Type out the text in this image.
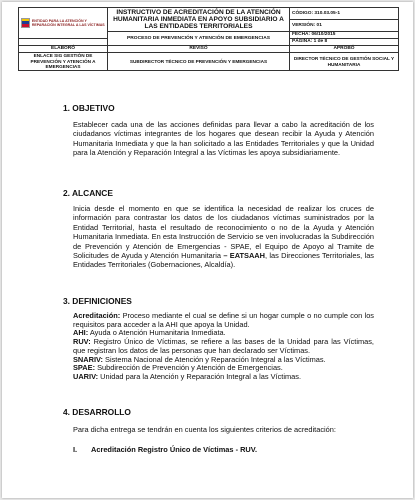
ENTIDAD PARA LA ATENCIÓN Y REPARACIÓN INTEGRAL A LAS VÍCTIMAS	INSTRUCTIVO DE ACREDITACIÓN DE LA ATENCIÓN HUMANITARIA INMEDIATA EN APOYO SUBSIDIARIO A LAS ENTIDADES TERRITORIALES	CÓDIGO: 310.03.05-1
		VERSIÓN: 01
	PROCESO DE PREVENCIÓN Y ATENCIÓN DE EMERGENCIAS	FECHA: 06/10/2015
		PÁGINA: 1 de 8
ELABORÓ	REVISÓ	APROBÓ
ENLACE SIG GESTIÓN DE PREVENCIÓN Y ATENCIÓN A EMERGENCIAS	SUBDIRECTOR TÉCNICO DE PREVENCIÓN Y EMERGENCIAS	DIRECTOR TÉCNICO DE GESTIÓN SOCIAL Y HUMANITARIA
1. OBJETIVO
Establecer cada una de las acciones definidas para llevar a cabo la acreditación de los ciudadanos víctimas integrantes de los hogares que desean recibir la Ayuda y Atención Humanitaria Inmediata y que la han solicitado a las Entidades Territoriales y que la Unidad para la Atención y Reparación Integral a las Víctimas les apoya subsidiariamente.
2. ALCANCE
Inicia desde el momento en que se identifica la necesidad de realizar los cruces de información para contrastar los datos de los ciudadanos víctimas suministrados por la Entidad Territorial, hasta el resultado de reconocimiento o no de la Ayuda y Atención Humanitaria Inmediata. En esta Instrucción de Servicio se ven involucradas la Subdirección de Prevención y Atención de Emergencias - SPAE, el Equipo de Apoyo al Tramite de Solicitudes de Ayuda y Atención Humanitaria – EATSAAH, las Direcciones Territoriales, las Entidades Territoriales (Gobernaciones, Alcaldía).
3. DEFINICIONES
Acreditación: Proceso mediante el cual se define si un hogar cumple o no cumple con los requisitos para acceder a la AHI que apoya la Unidad.
AHI: Ayuda o Atención Humanitaria Inmediata.
RUV: Registro Único de Víctimas, se refiere a las bases de la Unidad para las Víctimas, que registran los datos de las personas que han declarado ser Víctimas.
SNARIV: Sistema Nacional de Atención y Reparación Integral a las Víctimas.
SPAE: Subdirección de Prevención y Atención de Emergencias.
UARIV: Unidad para la Atención y Reparación Integral a las Víctimas.
4. DESARROLLO
Para dicha entrega se tendrán en cuenta los siguientes criterios de acreditación:
I. Acreditación Registro Único de Víctimas - RUV.
